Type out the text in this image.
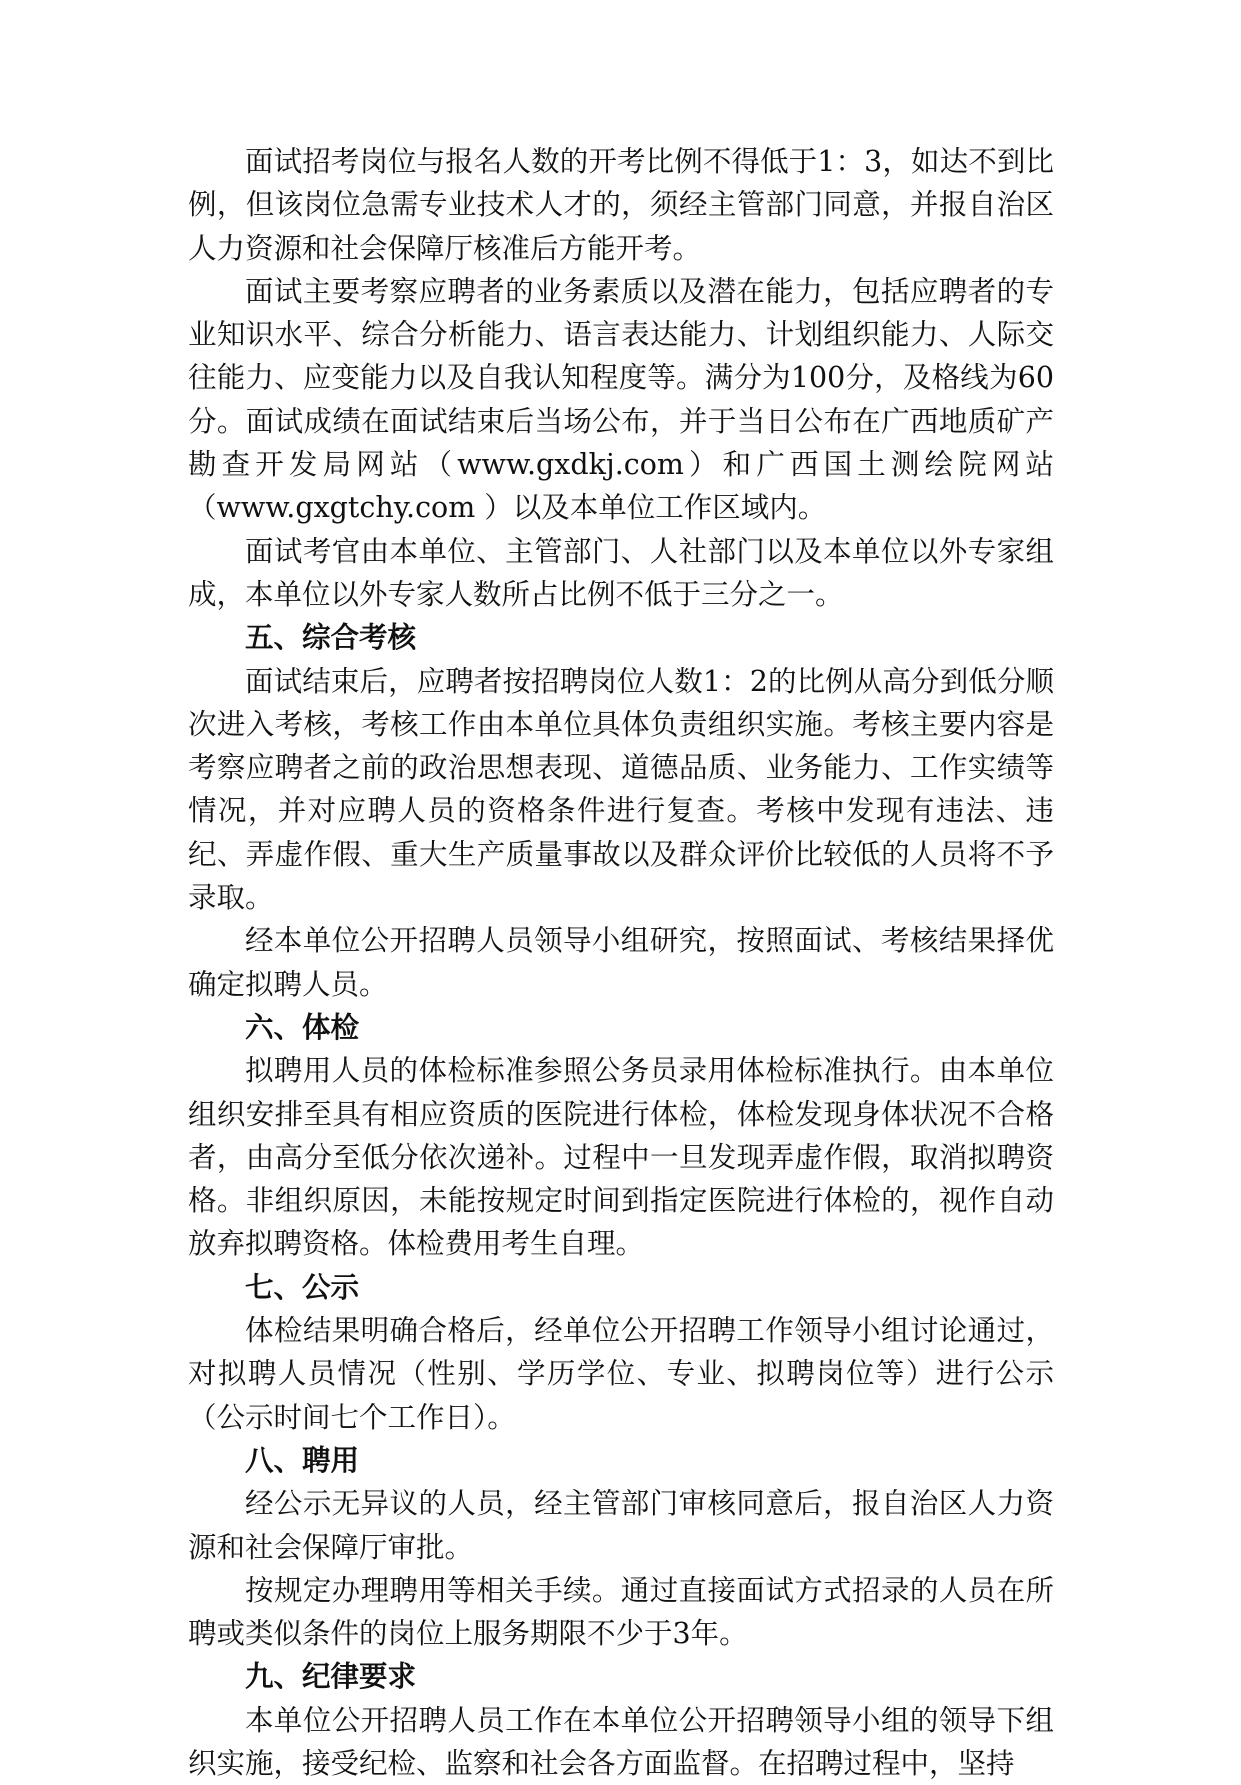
面试招考岗位与报名人数的开考比例不得低于1：3，如达不到比例，但该岗位急需专业技术人才的，须经主管部门同意，并报自治区人力资源和社会保障厅核准后方能开考。

面试主要考察应聘者的业务素质以及潜在能力，包括应聘者的专业知识水平、综合分析能力、语言表达能力、计划组织能力、人际交往能力、应变能力以及自我认知程度等。满分为100分，及格线为60分。面试成绩在面试结束后当场公布，并于当日公布在广西地质矿产勘查开发局网站（www.gxdkj.com）和广西国土测绘院网站（www.gxgtchy.com ）以及本单位工作区域内。

面试考官由本单位、主管部门、人社部门以及本单位以外专家组成，本单位以外专家人数所占比例不低于三分之一。

五、综合考核

面试结束后，应聘者按招聘岗位人数1：2的比例从高分到低分顺次进入考核，考核工作由本单位具体负责组织实施。考核主要内容是考察应聘者之前的政治思想表现、道德品质、业务能力、工作实绩等情况，并对应聘人员的资格条件进行复查。考核中发现有违法、违纪、弄虚作假、重大生产质量事故以及群众评价比较低的人员将不予录取。

经本单位公开招聘人员领导小组研究，按照面试、考核结果择优确定拟聘人员。

六、体检

拟聘用人员的体检标准参照公务员录用体检标准执行。由本单位组织安排至具有相应资质的医院进行体检，体检发现身体状况不合格者，由高分至低分依次递补。过程中一旦发现弄虚作假，取消拟聘资格。非组织原因，未能按规定时间到指定医院进行体检的，视作自动放弃拟聘资格。体检费用考生自理。

七、公示

体检结果明确合格后，经单位公开招聘工作领导小组讨论通过，对拟聘人员情况（性别、学历学位、专业、拟聘岗位等）进行公示（公示时间七个工作日）。

八、聘用

经公示无异议的人员，经主管部门审核同意后，报自治区人力资源和社会保障厅审批。

按规定办理聘用等相关手续。通过直接面试方式招录的人员在所聘或类似条件的岗位上服务期限不少于3年。

九、纪律要求

本单位公开招聘人员工作在本单位公开招聘领导小组的领导下组织实施，接受纪检、监察和社会各方面监督。在招聘过程中，坚持
